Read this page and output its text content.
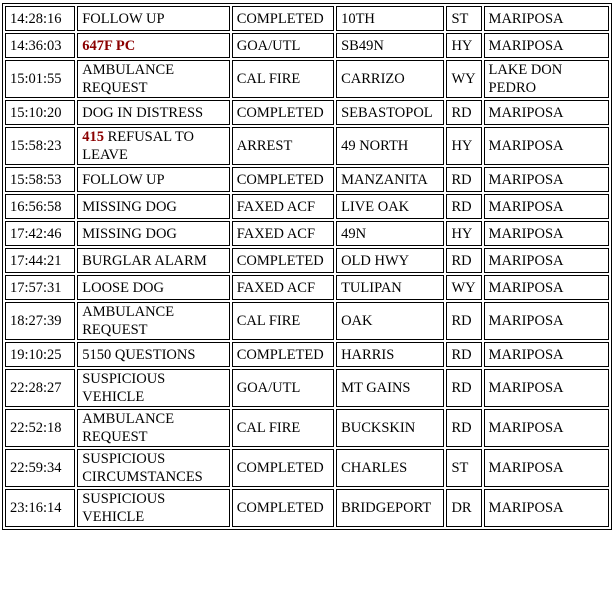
14:28:16	FOLLOW UP	COMPLETED	10TH	ST	MARIPOSA
14:36:03	647F PC	GOA/UTL	SB49N	HY	MARIPOSA
15:01:55	AMBULANCE REQUEST	CAL FIRE	CARRIZO	WY	LAKE DON PEDRO
15:10:20	DOG IN DISTRESS	COMPLETED	SEBASTOPOL	RD	MARIPOSA
15:58:23	415 REFUSAL TO LEAVE	ARREST	49 NORTH	HY	MARIPOSA
15:58:53	FOLLOW UP	COMPLETED	MANZANITA	RD	MARIPOSA
16:56:58	MISSING DOG	FAXED ACF	LIVE OAK	RD	MARIPOSA
17:42:46	MISSING DOG	FAXED ACF	49N	HY	MARIPOSA
17:44:21	BURGLAR ALARM	COMPLETED	OLD HWY	RD	MARIPOSA
17:57:31	LOOSE DOG	FAXED ACF	TULIPAN	WY	MARIPOSA
18:27:39	AMBULANCE REQUEST	CAL FIRE	OAK	RD	MARIPOSA
19:10:25	5150 QUESTIONS	COMPLETED	HARRIS	RD	MARIPOSA
22:28:27	SUSPICIOUS VEHICLE	GOA/UTL	MT GAINS	RD	MARIPOSA
22:52:18	AMBULANCE REQUEST	CAL FIRE	BUCKSKIN	RD	MARIPOSA
22:59:34	SUSPICIOUS CIRCUMSTANCES	COMPLETED	CHARLES	ST	MARIPOSA
23:16:14	SUSPICIOUS VEHICLE	COMPLETED	BRIDGEPORT	DR	MARIPOSA
